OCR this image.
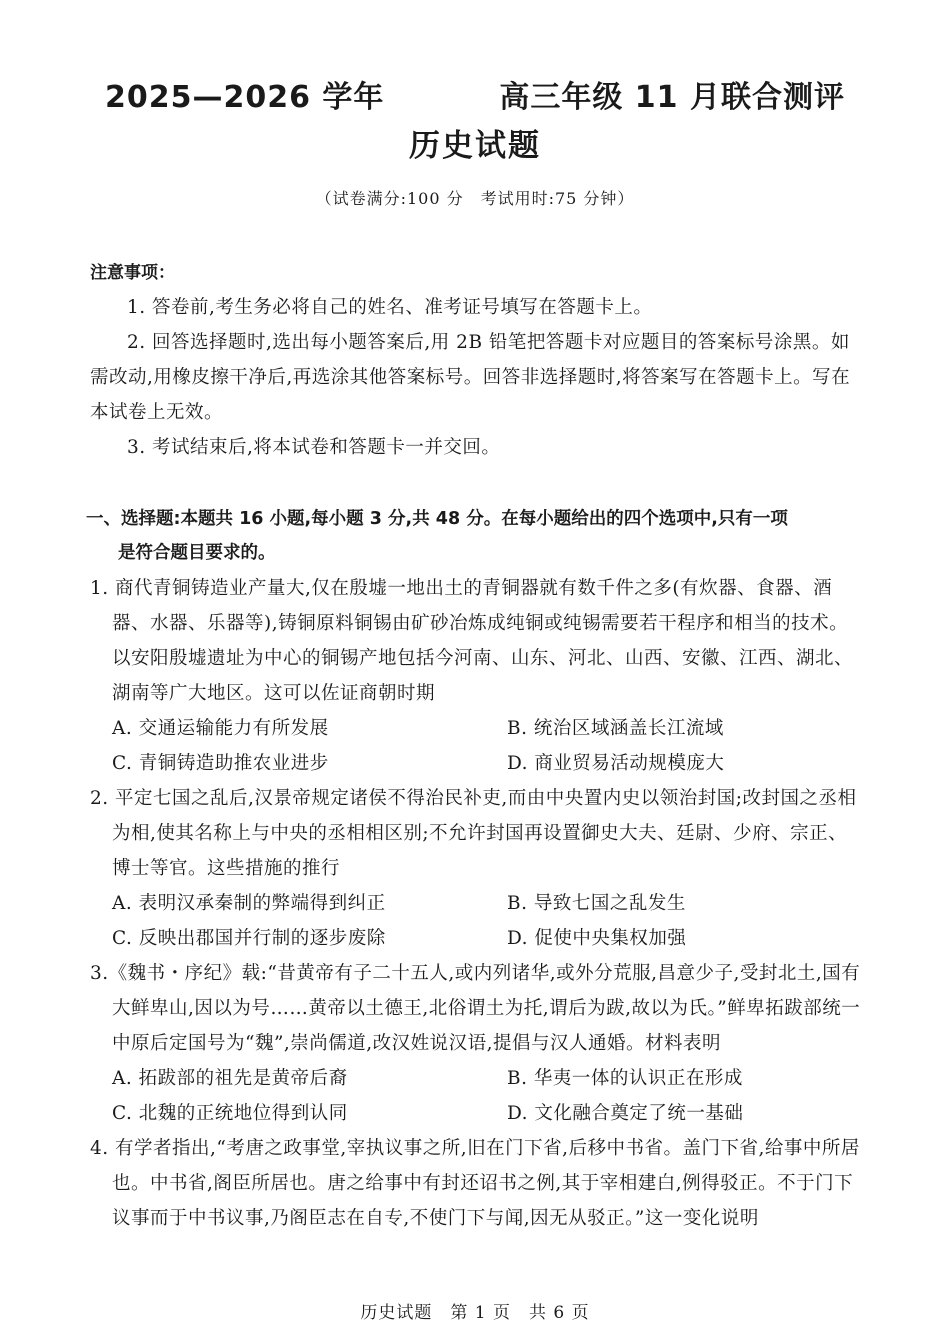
2025—2026 学年	高三年级 11 月联合测评
历史试题
（试卷满分:100 分　考试用时:75 分钟）
注意事项：

1. 答卷前,考生务必将自己的姓名、准考证号填写在答题卡上。

2. 回答选择题时,选出每小题答案后,用 2B 铅笔把答题卡对应题目的答案标号涂黑。如需改动,用橡皮擦干净后,再选涂其他答案标号。回答非选择题时,将答案写在答题卡上。写在本试卷上无效。

3. 考试结束后,将本试卷和答题卡一并交回。

一、选择题:本题共 16 小题,每小题 3 分,共 48 分。在每小题给出的四个选项中,只有一项
是符合题目要求的。

1. 商代青铜铸造业产量大,仅在殷墟一地出土的青铜器就有数千件之多(有炊器、食器、酒器、水器、乐器等),铸铜原料铜锡由矿砂冶炼成纯铜或纯锡需要若干程序和相当的技术。以安阳殷墟遗址为中心的铜锡产地包括今河南、山东、河北、山西、安徽、江西、湖北、湖南等广大地区。这可以佐证商朝时期

A. 交通运输能力有所发展	B. 统治区域涵盖长江流域
C. 青铜铸造助推农业进步	D. 商业贸易活动规模庞大

2. 平定七国之乱后,汉景帝规定诸侯不得治民补吏,而由中央置内史以领治封国;改封国之丞相为相,使其名称上与中央的丞相相区别;不允许封国再设置御史大夫、廷尉、少府、宗正、博士等官。这些措施的推行

A. 表明汉承秦制的弊端得到纠正	B. 导致七国之乱发生
C. 反映出郡国并行制的逐步废除	D. 促使中央集权加强

3.《魏书・序纪》载:“昔黄帝有子二十五人,或内列诸华,或外分荒服,昌意少子,受封北土,国有大鲜卑山,因以为号……黄帝以土德王,北俗谓土为托,谓后为跋,故以为氏。”鲜卑拓跋部统一中原后定国号为“魏”,崇尚儒道,改汉姓说汉语,提倡与汉人通婚。材料表明

A. 拓跋部的祖先是黄帝后裔	B. 华夷一体的认识正在形成
C. 北魏的正统地位得到认同	D. 文化融合奠定了统一基础

4. 有学者指出,“考唐之政事堂,宰执议事之所,旧在门下省,后移中书省。盖门下省,给事中所居也。中书省,阁臣所居也。唐之给事中有封还诏书之例,其于宰相建白,例得驳正。不于门下议事而于中书议事,乃阁臣志在自专,不使门下与闻,因无从驳正。”这一变化说明

历史试题　第 1 页　共 6 页
